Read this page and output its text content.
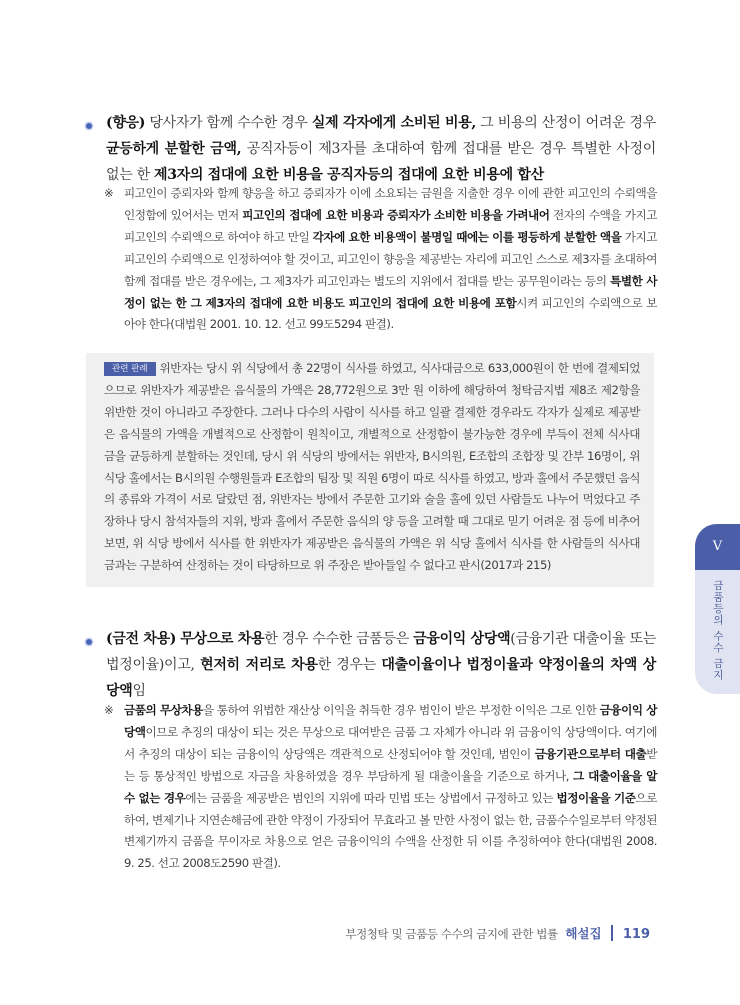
(향응) 당사자가 함께 수수한 경우 실제 각자에게 소비된 비용, 그 비용의 산정이 어려운 경우 균등하게 분할한 금액, 공직자등이 제3자를 초대하여 함께 접대를 받은 경우 특별한 사정이 없는 한 제3자의 접대에 요한 비용을 공직자등의 접대에 요한 비용에 합산
※ 피고인이 증뢰자와 함께 향응을 하고 증뢰자가 이에 소요되는 금원을 지출한 경우 이에 관한 피고인의 수뢰액을 인정함에 있어서는 먼저 피고인의 접대에 요한 비용과 증뢰자가 소비한 비용을 가려내어 전자의 수액을 가지고 피고인의 수뢰액으로 하여야 하고 만일 각자에 요한 비용액이 불명일 때에는 이를 평등하게 분할한 액을 가지고 피고인의 수뢰액으로 인정하여야 할 것이고, 피고인이 향응을 제공받는 자리에 피고인 스스로 제3자를 초대하여 함께 접대를 받은 경우에는, 그 제3자가 피고인과는 별도의 지위에서 접대를 받는 공무원이라는 등의 특별한 사정이 없는 한 그 제3자의 접대에 요한 비용도 피고인의 접대에 요한 비용에 포함시켜 피고인의 수뢰액으로 보아야 한다(대법원 2001. 10. 12. 선고 99도5294 판결).
관련 판례 위반자는 당시 위 식당에서 총 22명이 식사를 하였고, 식사대금으로 633,000원이 한 번에 결제되었으므로 위반자가 제공받은 음식물의 가액은 28,772원으로 3만 원 이하에 해당하여 청탁금지법 제8조 제2항을 위반한 것이 아니라고 주장한다. 그러나 다수의 사람이 식사를 하고 일괄 결제한 경우라도 각자가 실제로 제공받은 음식물의 가액을 개별적으로 산정함이 원칙이고, 개별적으로 산정함이 불가능한 경우에 부득이 전체 식사대금을 균등하게 분할하는 것인데, 당시 위 식당의 방에서는 위반자, B시의원, E조합의 조합장 및 간부 16명이, 위 식당 홀에서는 B시의원 수행원들과 E조합의 팀장 및 직원 6명이 따로 식사를 하였고, 방과 홀에서 주문했던 음식의 종류와 가격이 서로 달랐던 점, 위반자는 방에서 주문한 고기와 술을 홀에 있던 사람들도 나누어 먹었다고 주장하나 당시 참석자들의 지위, 방과 홀에서 주문한 음식의 양 등을 고려할 때 그대로 믿기 어려운 점 등에 비추어 보면, 위 식당 방에서 식사를 한 위반자가 제공받은 음식물의 가액은 위 식당 홀에서 식사를 한 사람들의 식사대금과는 구분하여 산정하는 것이 타당하므로 위 주장은 받아들일 수 없다고 판시(2017과 215)
(금전 차용) 무상으로 차용한 경우 수수한 금품등은 금융이익 상당액(금융기관 대출이율 또는 법정이율)이고, 현저히 저리로 차용한 경우는 대출이율이나 법정이율과 약정이율의 차액 상당액임
※ 금품의 무상차용을 통하여 위법한 재산상 이익을 취득한 경우 범인이 받은 부정한 이익은 그로 인한 금융이익 상당액이므로 추징의 대상이 되는 것은 무상으로 대여받은 금품 그 자체가 아니라 위 금융이익 상당액이다. 여기에서 추징의 대상이 되는 금융이익 상당액은 객관적으로 산정되어야 할 것인데, 범인이 금융기관으로부터 대출받는 등 통상적인 방법으로 자금을 차용하였을 경우 부담하게 될 대출이율을 기준으로 하거나, 그 대출이율을 알 수 없는 경우에는 금품을 제공받은 범인의 지위에 따라 민법 또는 상법에서 규정하고 있는 법정이율을 기준으로 하여, 변제기나 지연손해금에 관한 약정이 가장되어 무효라고 볼 만한 사정이 없는 한, 금품수수일로부터 약정된 변제기까지 금품을 무이자로 차용으로 얻은 금융이익의 수액을 산정한 뒤 이를 추징하여야 한다(대법원 2008. 9. 25. 선고 2008도2590 판결).
V
금품등의 수수 금지
부정청탁 및 금품등 수수의 금지에 관한 법률 해설집 119
